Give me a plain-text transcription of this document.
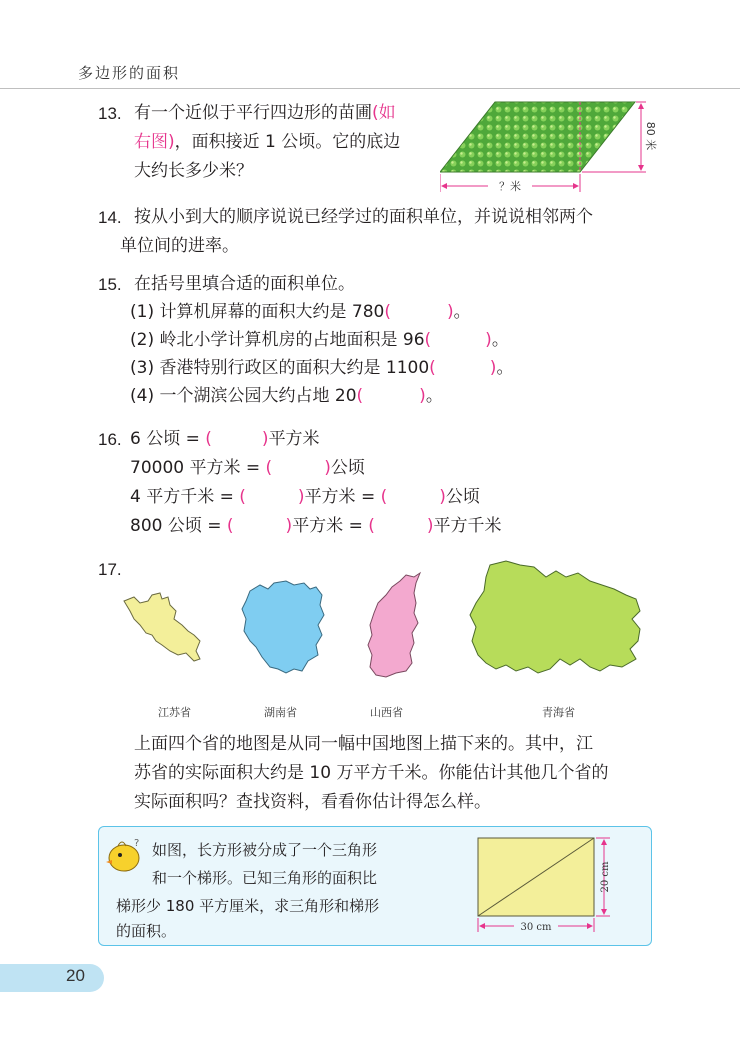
多边形的面积
13. 有一个近似于平行四边形的苗圃(如
右图)，面积接近 1 公顷。它的底边
大约长多少米？
80 米
？米
14. 按从小到大的顺序说说已经学过的面积单位，并说说相邻两个
单位间的进率。
15. 在括号里填合适的面积单位。
(1) 计算机屏幕的面积大约是 780(	)。
(2) 岭北小学计算机房的占地面积是 96(	)。
(3) 香港特别行政区的面积大约是 1100(	)。
(4) 一个湖滨公园大约占地 20(	)。
16. 6 公顷 = (	)平方米
70000 平方米 = (	)公顷
4 平方千米 = (	)平方米 = (	)公顷
800 公顷 = (	)平方米 = (	)平方千米
17.
江苏省	湖南省	山西省	青海省
上面四个省的地图是从同一幅中国地图上描下来的。其中，江
苏省的实际面积大约是 10 万平方千米。你能估计其他几个省的
实际面积吗？查找资料，看看你估计得怎么样。
? 如图，长方形被分成了一个三角形
和一个梯形。已知三角形的面积比
梯形少 180 平方厘米，求三角形和梯形
的面积。
20 cm
30 cm
20
